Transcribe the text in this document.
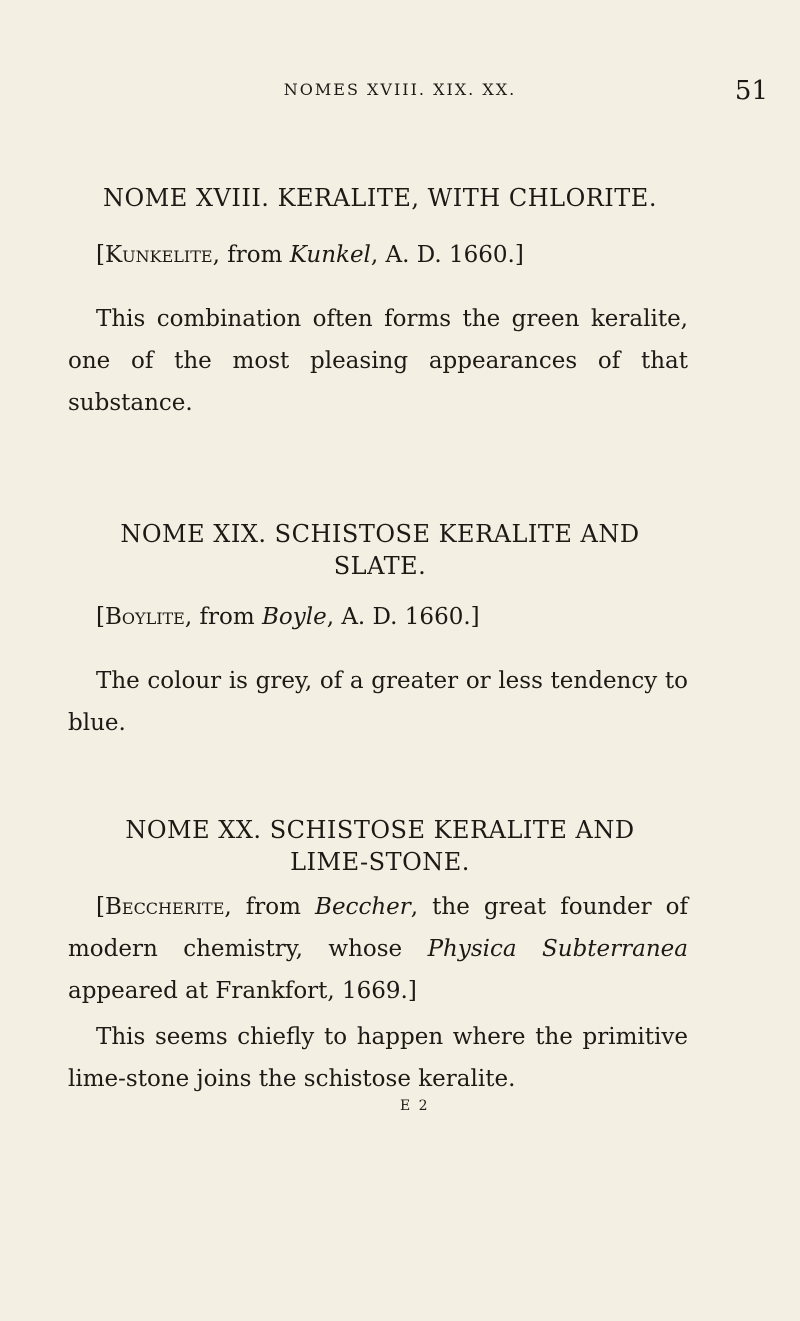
NOMES XVIII. XIX. XX.	51
NOME XVIII. KERALITE, WITH CHLORITE.

[Kunkelite, from Kunkel, A. D. 1660.]

This combination often forms the green keralite, one of the most pleasing appearances of that substance.

NOME XIX. SCHISTOSE KERALITE AND
SLATE.

[Boylite, from Boyle, A. D. 1660.]

The colour is grey, of a greater or less tendency to blue.

NOME XX. SCHISTOSE KERALITE AND
LIME-STONE.

[Beccherite, from Beccher, the great founder of modern chemistry, whose Physica Subterranea appeared at Frankfort, 1669.]

This seems chiefly to happen where the primitive lime-stone joins the schistose keralite.

E 2
